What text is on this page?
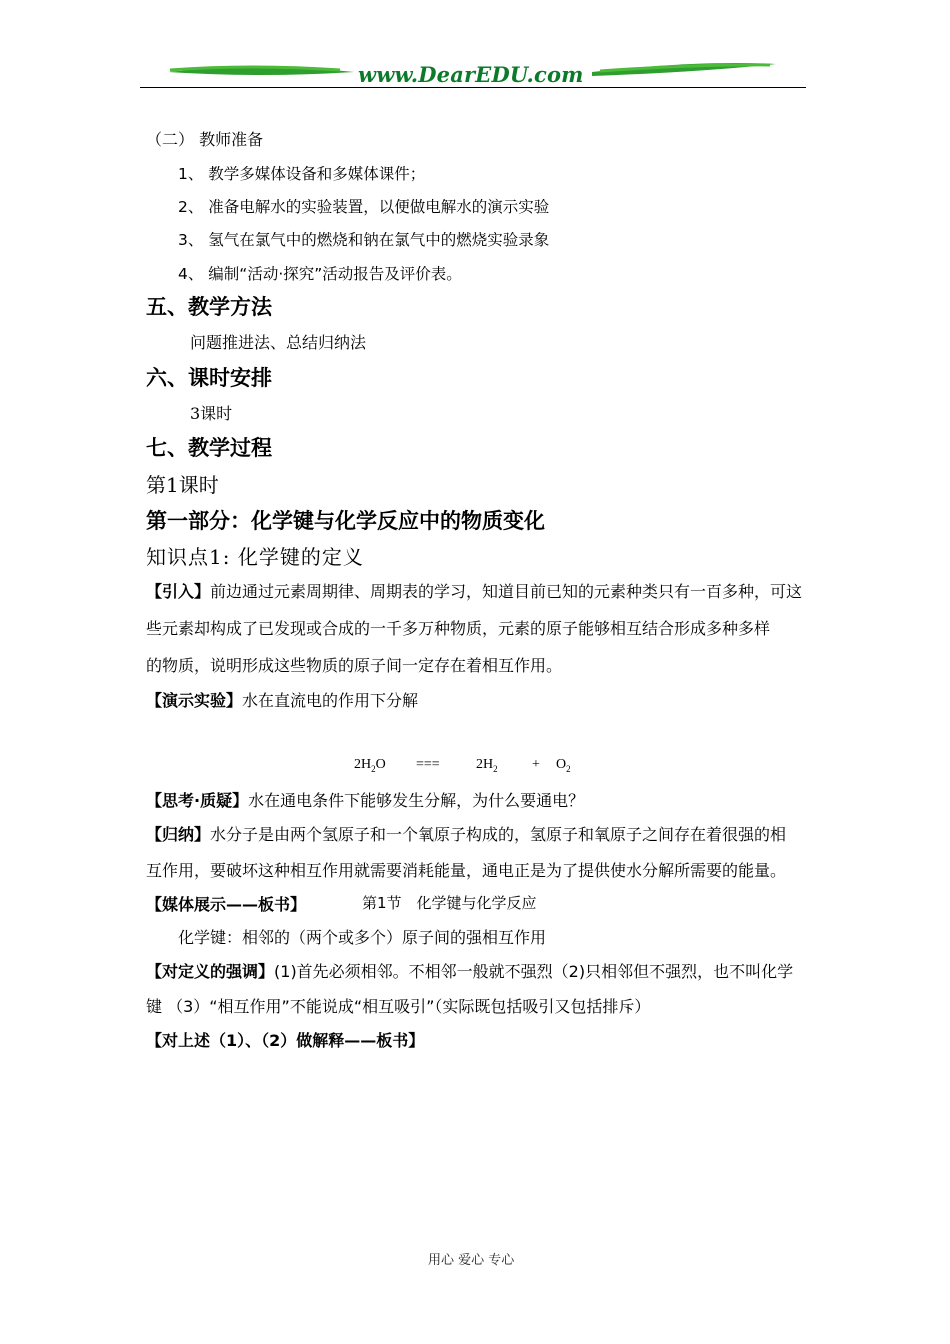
www.DearEDU.com
（二） 教师准备
1、 教学多媒体设备和多媒体课件；
2、 准备电解水的实验装置，以便做电解水的演示实验
3、 氢气在氯气中的燃烧和钠在氯气中的燃烧实验录象
4、 编制“活动·探究”活动报告及评价表。
五、教学方法
问题推进法、总结归纳法
六、课时安排
3课时
七、教学过程
第1课时
第一部分：化学键与化学反应中的物质变化
知识点1: 化学键的定义
【引入】前边通过元素周期律、周期表的学习，知道目前已知的元素种类只有一百多种，可这
些元素却构成了已发现或合成的一千多万种物质，元素的原子能够相互结合形成多种多样
的物质，说明形成这些物质的原子间一定存在着相互作用。
【演示实验】水在直流电的作用下分解
$2H_2O$ ===	$2H_2 + O_2$
【思考·质疑】水在通电条件下能够发生分解，为什么要通电？
【归纳】水分子是由两个氢原子和一个氧原子构成的，氢原子和氧原子之间存在着很强的相
互作用，要破坏这种相互作用就需要消耗能量，通电正是为了提供使水分解所需要的能量。
【媒体展示——板书】	第1节　化学键与化学反应
化学键：相邻的（两个或多个）原子间的强相互作用
【对定义的强调】(1)首先必须相邻。不相邻一般就不强烈（2)只相邻但不强烈，也不叫化学
键 （3）“相互作用”不能说成“相互吸引”（实际既包括吸引又包括排斥）
【对上述（1）、（2）做解释——板书】
用心 爱心 专心
